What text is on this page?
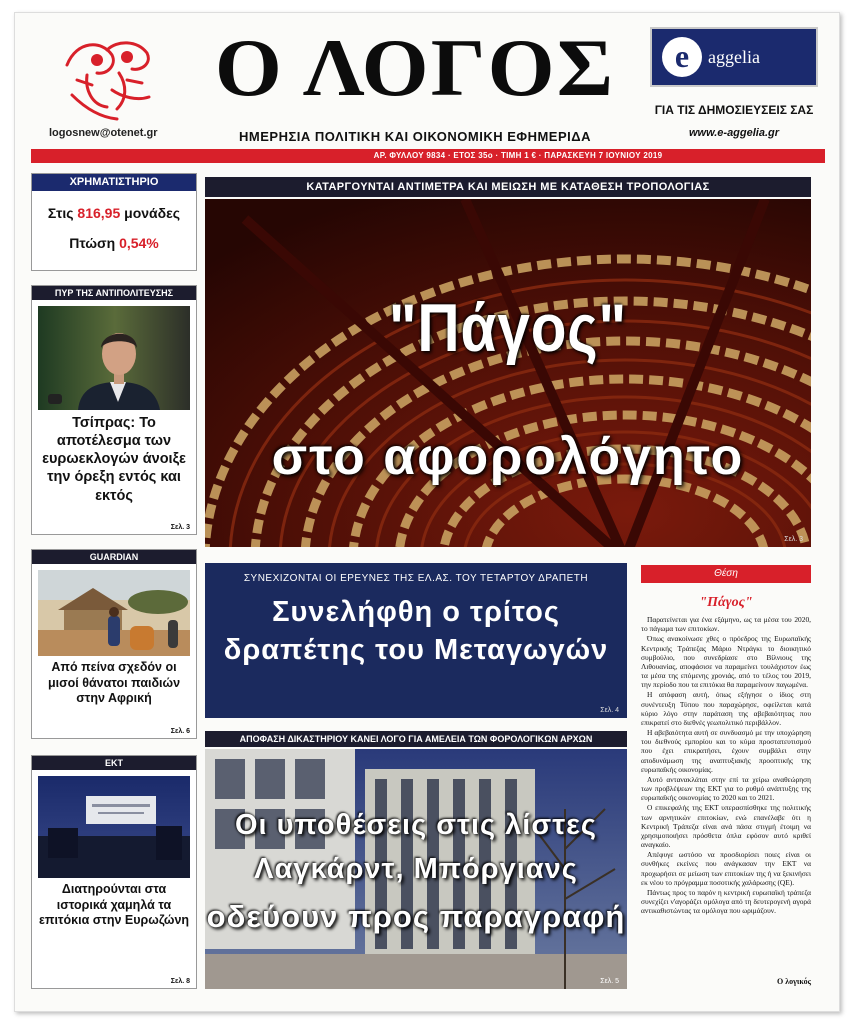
logosnew@otenet.gr
Ο ΛΟΓΟΣ
ΗΜΕΡΗΣΙΑ ΠΟΛΙΤΙΚΗ ΚΑΙ ΟΙΚΟΝΟΜΙΚΗ ΕΦΗΜΕΡΙΔΑ
e	aggelia
ΓΙΑ ΤΙΣ ΔΗΜΟΣΙΕΥΣΕΙΣ ΣΑΣ
www.e-aggelia.gr
ΑΡ. ΦΥΛΛΟΥ 9834 · ΕΤΟΣ 35ο · ΤΙΜΗ 1 € · ΠΑΡΑΣΚΕΥΗ 7 ΙΟΥΝΙΟΥ 2019
ΧΡΗΜΑΤΙΣΤΗΡΙΟ
Στις 816,95 μονάδες
Πτώση 0,54%
ΠΥΡ ΤΗΣ ΑΝΤΙΠΟΛΙΤΕΥΣΗΣ
Τσίπρας: Το αποτέλεσμα των ευρωεκλογών άνοιξε την όρεξη εντός και εκτός
Σελ. 3
GUARDIAN
Από πείνα σχεδόν οι μισοί θάνατοι παιδιών στην Αφρική
Σελ. 6
ΕΚΤ
Διατηρούνται στα ιστορικά χαμηλά τα επιτόκια στην Ευρωζώνη
Σελ. 8
ΚΑΤΑΡΓΟΥΝΤΑΙ ΑΝΤΙΜΕΤΡΑ ΚΑΙ ΜΕΙΩΣΗ ΜΕ ΚΑΤΑΘΕΣΗ ΤΡΟΠΟΛΟΓΙΑΣ
"Πάγος"
στο αφορολόγητο
Σελ. 3
ΣΥΝΕΧΙΖΟΝΤΑΙ ΟΙ ΕΡΕΥΝΕΣ ΤΗΣ ΕΛ.ΑΣ. ΤΟΥ ΤΕΤΑΡΤΟΥ ΔΡΑΠΕΤΗ
Συνελήφθη ο τρίτος
δραπέτης του Μεταγωγών
Σελ. 4
ΑΠΟΦΑΣΗ ΔΙΚΑΣΤΗΡΙΟΥ ΚΑΝΕΙ ΛΟΓΟ ΓΙΑ ΑΜΕΛΕΙΑ ΤΩΝ ΦΟΡΟΛΟΓΙΚΩΝ ΑΡΧΩΝ
Οι υποθέσεις στις λίστες
Λαγκάρντ, Μπόργιανς
οδεύουν προς παραγραφή
Σελ. 5
Θέση
"Πάγος"

Παρατείνεται για ένα εξάμηνο, ως τα μέσα του 2020, το πάγωμα των επιτοκίων.

Όπως ανακοίνωσε χθες ο πρόεδρος της Ευρωπαϊκής Κεντρικής Τράπεζας Μάριο Ντράγκι το διοικητικό συμβούλιο, που συνεδρίασε στο Βίλνιους της Λιθουανίας, αποφάσισε να παραμείνει τουλάχιστον έως τα μέσα της επόμενης χρονιάς, από το τέλος του 2019, την περίοδο που τα επιτόκια θα παραμείνουν παγωμένα.

Η απόφαση αυτή, όπως εξήγησε ο ίδιος στη συνέντευξη Τύπου που παραχώρησε, οφείλεται κατά κύριο λόγο στην παράταση της αβεβαιότητας που επικρατεί στο διεθνές γεωπολιτικό περιβάλλον.

Η αβεβαιότητα αυτή σε συνδυασμό με την υποχώρηση του διεθνούς εμπορίου και το κύμα προστατευτισμού που έχει επικρατήσει, έχουν συμβάλει στην αποδυνάμωση της αναπτυξιακής προοπτικής της ευρωπαϊκής οικονομίας.

Αυτό αντανακλάται στην επί τα χείρω αναθεώρηση των προβλέψεων της ΕΚΤ για το ρυθμό ανάπτυξης της ευρωπαϊκής οικονομίας το 2020 και το 2021.

Ο επικεφαλής της ΕΚΤ υπερασπίσθηκε της πολιτικής των αρνητικών επιτοκίων, ενώ επανέλαβε ότι η Κεντρική Τράπεζα είναι ανά πάσα στιγμή έτοιμη να χρησιμοποιήσει πρόσθετα όπλα εφόσον αυτό κριθεί αναγκαίο.

Απέφυγε ωστόσο να προσδιορίσει ποιες είναι οι συνθήκες εκείνες που ανάγκασαν την ΕΚΤ να προχωρήσει σε μείωση των επιτοκίων της ή να ξεκινήσει εκ νέου το πρόγραμμα ποσοτικής χαλάρωσης (QE).

Πάντως προς το παρόν η κεντρική ευρωπαϊκή τράπεζα συνεχίζει ν'αγοράζει ομόλογα από τη δευτερογενή αγορά αντικαθιστώντας τα ομόλογα που ωριμάζουν.

Ο λογικός
